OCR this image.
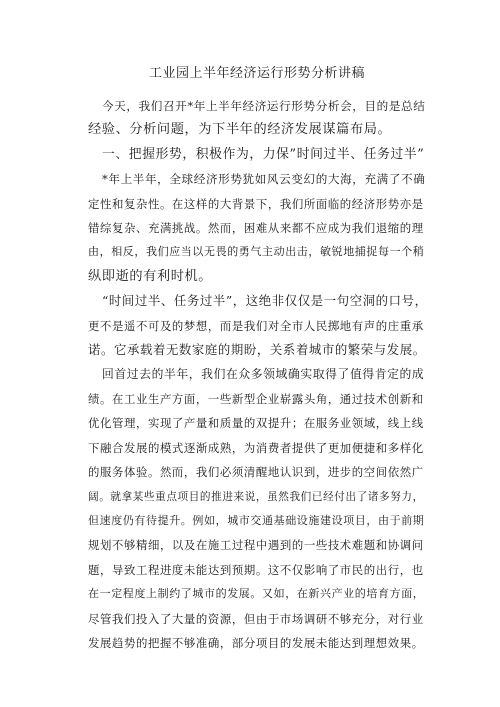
工业园上半年经济运行形势分析讲稿
今天，我们召开*年上半年经济运行形势分析会，目的是总结
经验、分析问题，为下半年的经济发展谋篇布局。
一、把握形势，积极作为，力保”时间过半、任务过半”
*年上半年，全球经济形势犹如风云变幻的大海，充满了不确
定性和复杂性。在这样的大背景下，我们所面临的经济形势亦是
错综复杂、充满挑战。然而，困难从来都不应成为我们退缩的理
由，相反，我们应当以无畏的勇气主动出击，敏锐地捕捉每一个稍
纵即逝的有利时机。
“时间过半、任务过半”，这绝非仅仅是一句空洞的口号，
更不是遥不可及的梦想，而是我们对全市人民掷地有声的庄重承
诺。它承载着无数家庭的期盼，关系着城市的繁荣与发展。
回首过去的半年，我们在众多领域确实取得了值得肯定的成
绩。在工业生产方面，一些新型企业崭露头角，通过技术创新和
优化管理，实现了产量和质量的双提升；在服务业领域，线上线
下融合发展的模式逐渐成熟，为消费者提供了更加便捷和多样化
的服务体验。然而，我们必须清醒地认识到，进步的空间依然广
阔。就拿某些重点项目的推进来说，虽然我们已经付出了诸多努力，
但速度仍有待提升。例如，城市交通基础设施建设项目，由于前期
规划不够精细，以及在施工过程中遇到的一些技术难题和协调问
题，导致工程进度未能达到预期。这不仅影响了市民的出行，也
在一定程度上制约了城市的发展。又如，在新兴产业的培育方面，
尽管我们投入了大量的资源，但由于市场调研不够充分，对行业
发展趋势的把握不够准确，部分项目的发展未能达到理想效果。
